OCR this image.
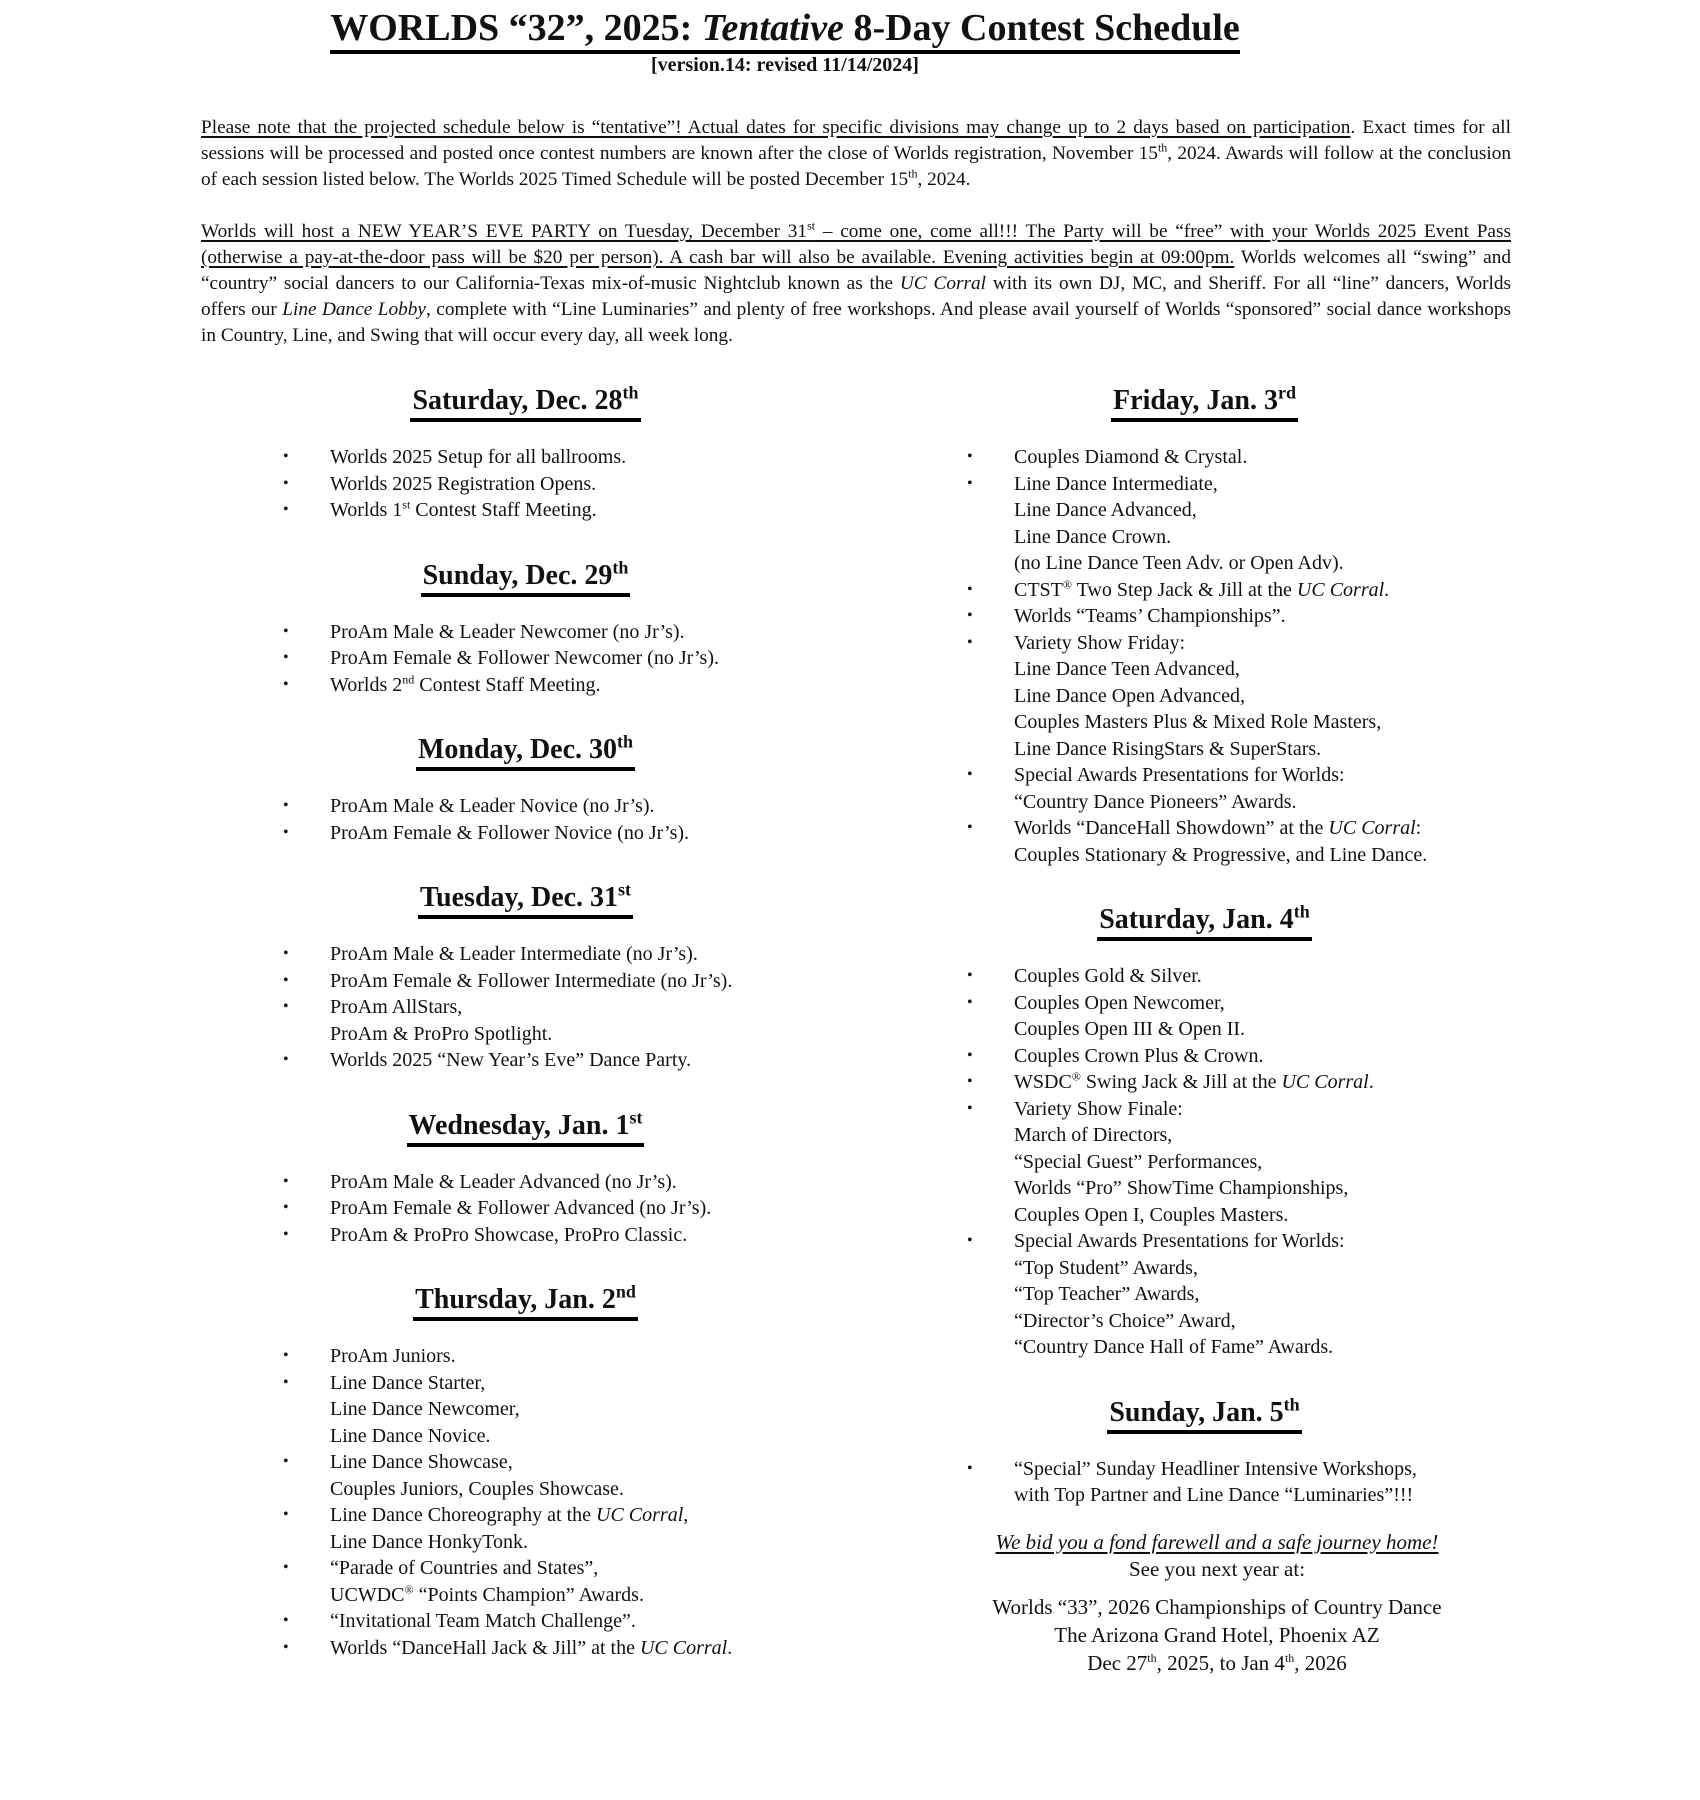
WORLDS “32”, 2025: Tentative 8-Day Contest Schedule
[version.14: revised 11/14/2024]

Please note that the projected schedule below is “tentative”! Actual dates for specific divisions may change up to 2 days based on participation. Exact times for all sessions will be processed and posted once contest numbers are known after the close of Worlds registration, November 15th, 2024. Awards will follow at the conclusion of each session listed below. The Worlds 2025 Timed Schedule will be posted December 15th, 2024.

Worlds will host a NEW YEAR’S EVE PARTY on Tuesday, December 31st – come one, come all!!! The Party will be “free” with your Worlds 2025 Event Pass (otherwise a pay-at-the-door pass will be $20 per person). A cash bar will also be available. Evening activities begin at 09:00pm. Worlds welcomes all “swing” and “country” social dancers to our California-Texas mix-of-music Nightclub known as the UC Corral with its own DJ, MC, and Sheriff. For all “line” dancers, Worlds offers our Line Dance Lobby, complete with “Line Luminaries” and plenty of free workshops. And please avail yourself of Worlds “sponsored” social dance workshops in Country, Line, and Swing that will occur every day, all week long.

Saturday, Dec. 28th
•	Worlds 2025 Setup for all ballrooms.
•	Worlds 2025 Registration Opens.
•	Worlds 1st Contest Staff Meeting.
Sunday, Dec. 29th
•	ProAm Male & Leader Newcomer (no Jr’s).
•	ProAm Female & Follower Newcomer (no Jr’s).
•	Worlds 2nd Contest Staff Meeting.
Monday, Dec. 30th
•	ProAm Male & Leader Novice (no Jr’s).
•	ProAm Female & Follower Novice (no Jr’s).
Tuesday, Dec. 31st
•	ProAm Male & Leader Intermediate (no Jr’s).
•	ProAm Female & Follower Intermediate (no Jr’s).
•	ProAm AllStars,
ProAm & ProPro Spotlight.
•	Worlds 2025 “New Year’s Eve” Dance Party.
Wednesday, Jan. 1st
•	ProAm Male & Leader Advanced (no Jr’s).
•	ProAm Female & Follower Advanced (no Jr’s).
•	ProAm & ProPro Showcase, ProPro Classic.
Thursday, Jan. 2nd
•	ProAm Juniors.
•	Line Dance Starter,
Line Dance Newcomer,
Line Dance Novice.
•	Line Dance Showcase,
Couples Juniors, Couples Showcase.
•	Line Dance Choreography at the UC Corral,
Line Dance HonkyTonk.
•	“Parade of Countries and States”,
UCWDC® “Points Champion” Awards.
•	“Invitational Team Match Challenge”.
•	Worlds “DanceHall Jack & Jill” at the UC Corral.
Friday, Jan. 3rd
•	Couples Diamond & Crystal.
•	Line Dance Intermediate,
Line Dance Advanced,
Line Dance Crown.
(no Line Dance Teen Adv. or Open Adv).
•	CTST® Two Step Jack & Jill at the UC Corral.
•	Worlds “Teams’ Championships”.
•	Variety Show Friday:
Line Dance Teen Advanced,
Line Dance Open Advanced,
Couples Masters Plus & Mixed Role Masters,
Line Dance RisingStars & SuperStars.
•	Special Awards Presentations for Worlds:
“Country Dance Pioneers” Awards.
•	Worlds “DanceHall Showdown” at the UC Corral:
Couples Stationary & Progressive, and Line Dance.
Saturday, Jan. 4th
•	Couples Gold & Silver.
•	Couples Open Newcomer,
Couples Open III & Open II.
•	Couples Crown Plus & Crown.
•	WSDC® Swing Jack & Jill at the UC Corral.
•	Variety Show Finale:
March of Directors,
“Special Guest” Performances,
Worlds “Pro” ShowTime Championships,
Couples Open I, Couples Masters.
•	Special Awards Presentations for Worlds:
“Top Student” Awards,
“Top Teacher” Awards,
“Director’s Choice” Award,
“Country Dance Hall of Fame” Awards.
Sunday, Jan. 5th
•	“Special” Sunday Headliner Intensive Workshops,
with Top Partner and Line Dance “Luminaries”!!!
We bid you a fond farewell and a safe journey home!
See you next year at:
Worlds “33”, 2026 Championships of Country Dance
The Arizona Grand Hotel, Phoenix AZ
Dec 27th, 2025, to Jan 4th, 2026
